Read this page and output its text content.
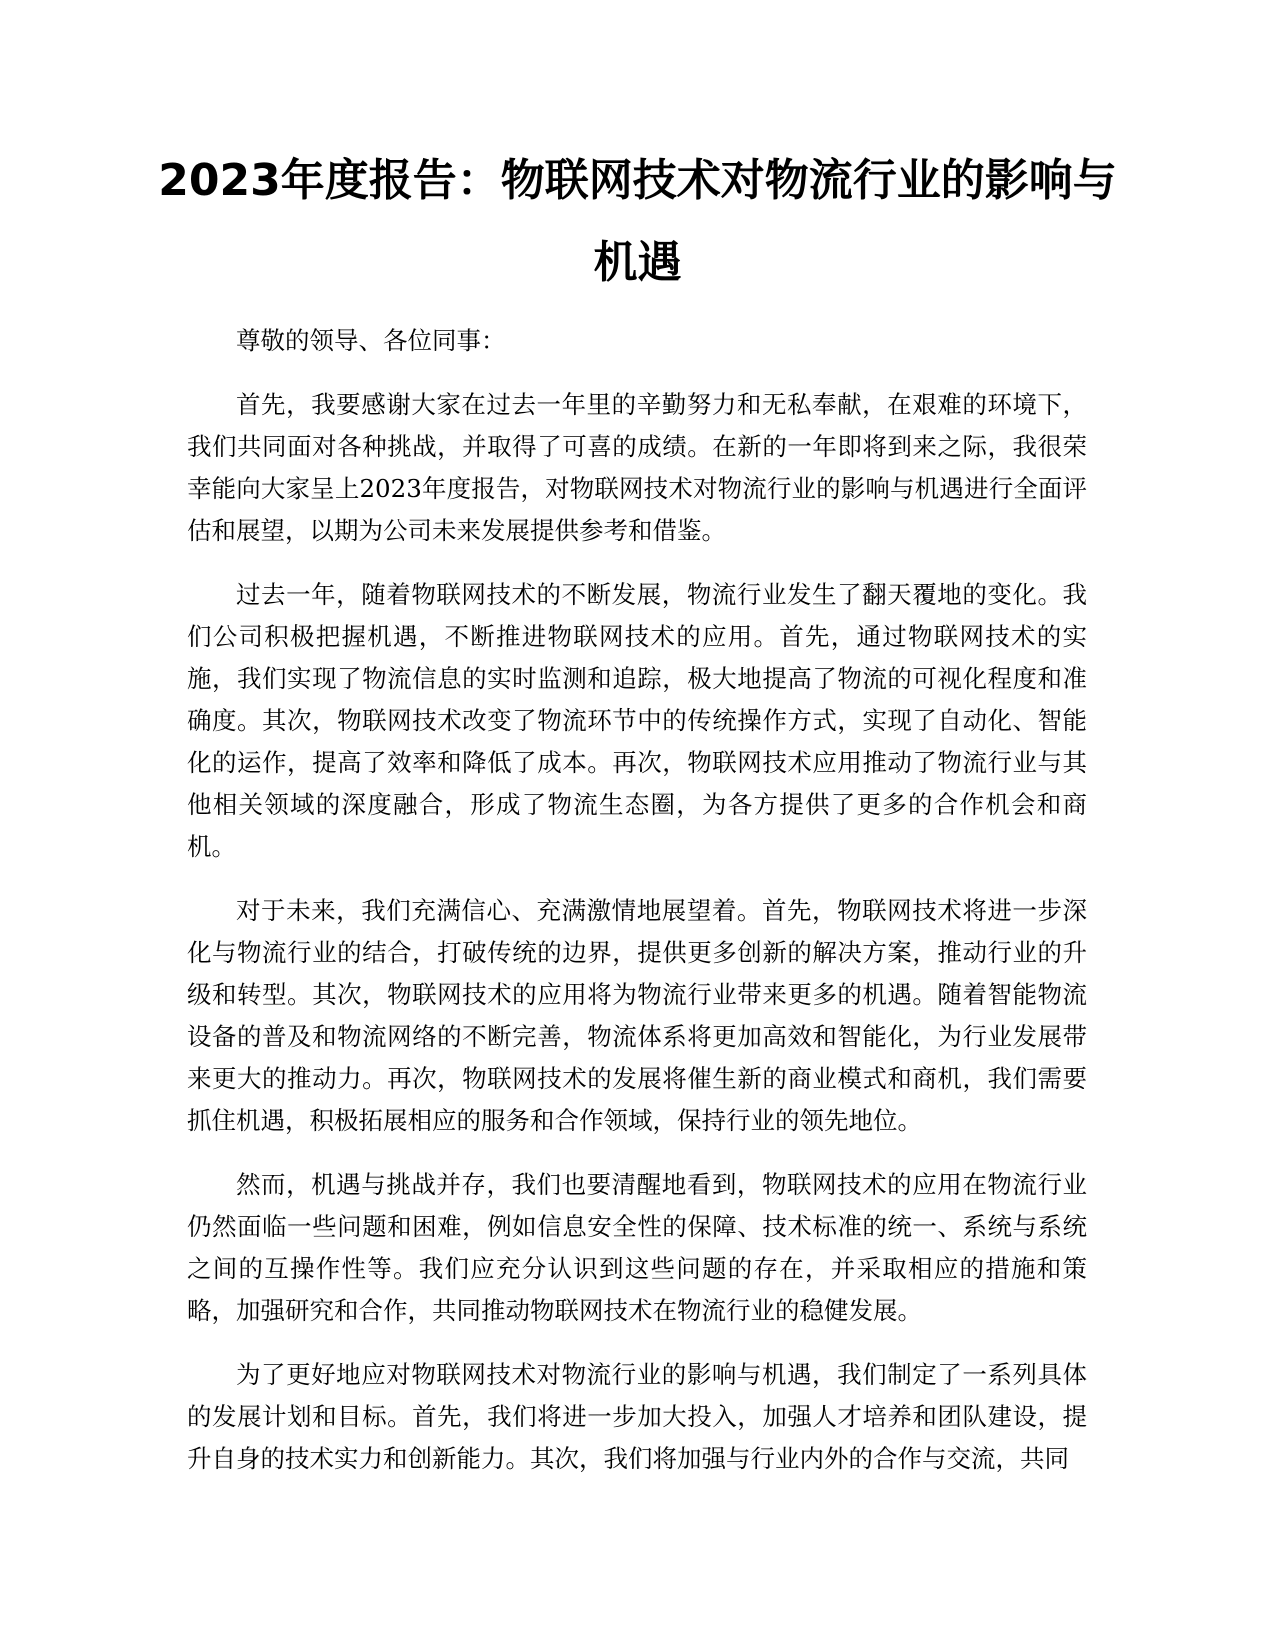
2023年度报告：物联网技术对物流行业的影响与机遇

尊敬的领导、各位同事：

首先，我要感谢大家在过去一年里的辛勤努力和无私奉献，在艰难的环境下，我们共同面对各种挑战，并取得了可喜的成绩。在新的一年即将到来之际，我很荣幸能向大家呈上2023年度报告，对物联网技术对物流行业的影响与机遇进行全面评估和展望，以期为公司未来发展提供参考和借鉴。

过去一年，随着物联网技术的不断发展，物流行业发生了翻天覆地的变化。我们公司积极把握机遇，不断推进物联网技术的应用。首先，通过物联网技术的实施，我们实现了物流信息的实时监测和追踪，极大地提高了物流的可视化程度和准确度。其次，物联网技术改变了物流环节中的传统操作方式，实现了自动化、智能化的运作，提高了效率和降低了成本。再次，物联网技术应用推动了物流行业与其他相关领域的深度融合，形成了物流生态圈，为各方提供了更多的合作机会和商机。

对于未来，我们充满信心、充满激情地展望着。首先，物联网技术将进一步深化与物流行业的结合，打破传统的边界，提供更多创新的解决方案，推动行业的升级和转型。其次，物联网技术的应用将为物流行业带来更多的机遇。随着智能物流设备的普及和物流网络的不断完善，物流体系将更加高效和智能化，为行业发展带来更大的推动力。再次，物联网技术的发展将催生新的商业模式和商机，我们需要抓住机遇，积极拓展相应的服务和合作领域，保持行业的领先地位。

然而，机遇与挑战并存，我们也要清醒地看到，物联网技术的应用在物流行业仍然面临一些问题和困难，例如信息安全性的保障、技术标准的统一、系统与系统之间的互操作性等。我们应充分认识到这些问题的存在，并采取相应的措施和策略，加强研究和合作，共同推动物联网技术在物流行业的稳健发展。

为了更好地应对物联网技术对物流行业的影响与机遇，我们制定了一系列具体的发展计划和目标。首先，我们将进一步加大投入，加强人才培养和团队建设，提升自身的技术实力和创新能力。其次，我们将加强与行业内外的合作与交流，共同
